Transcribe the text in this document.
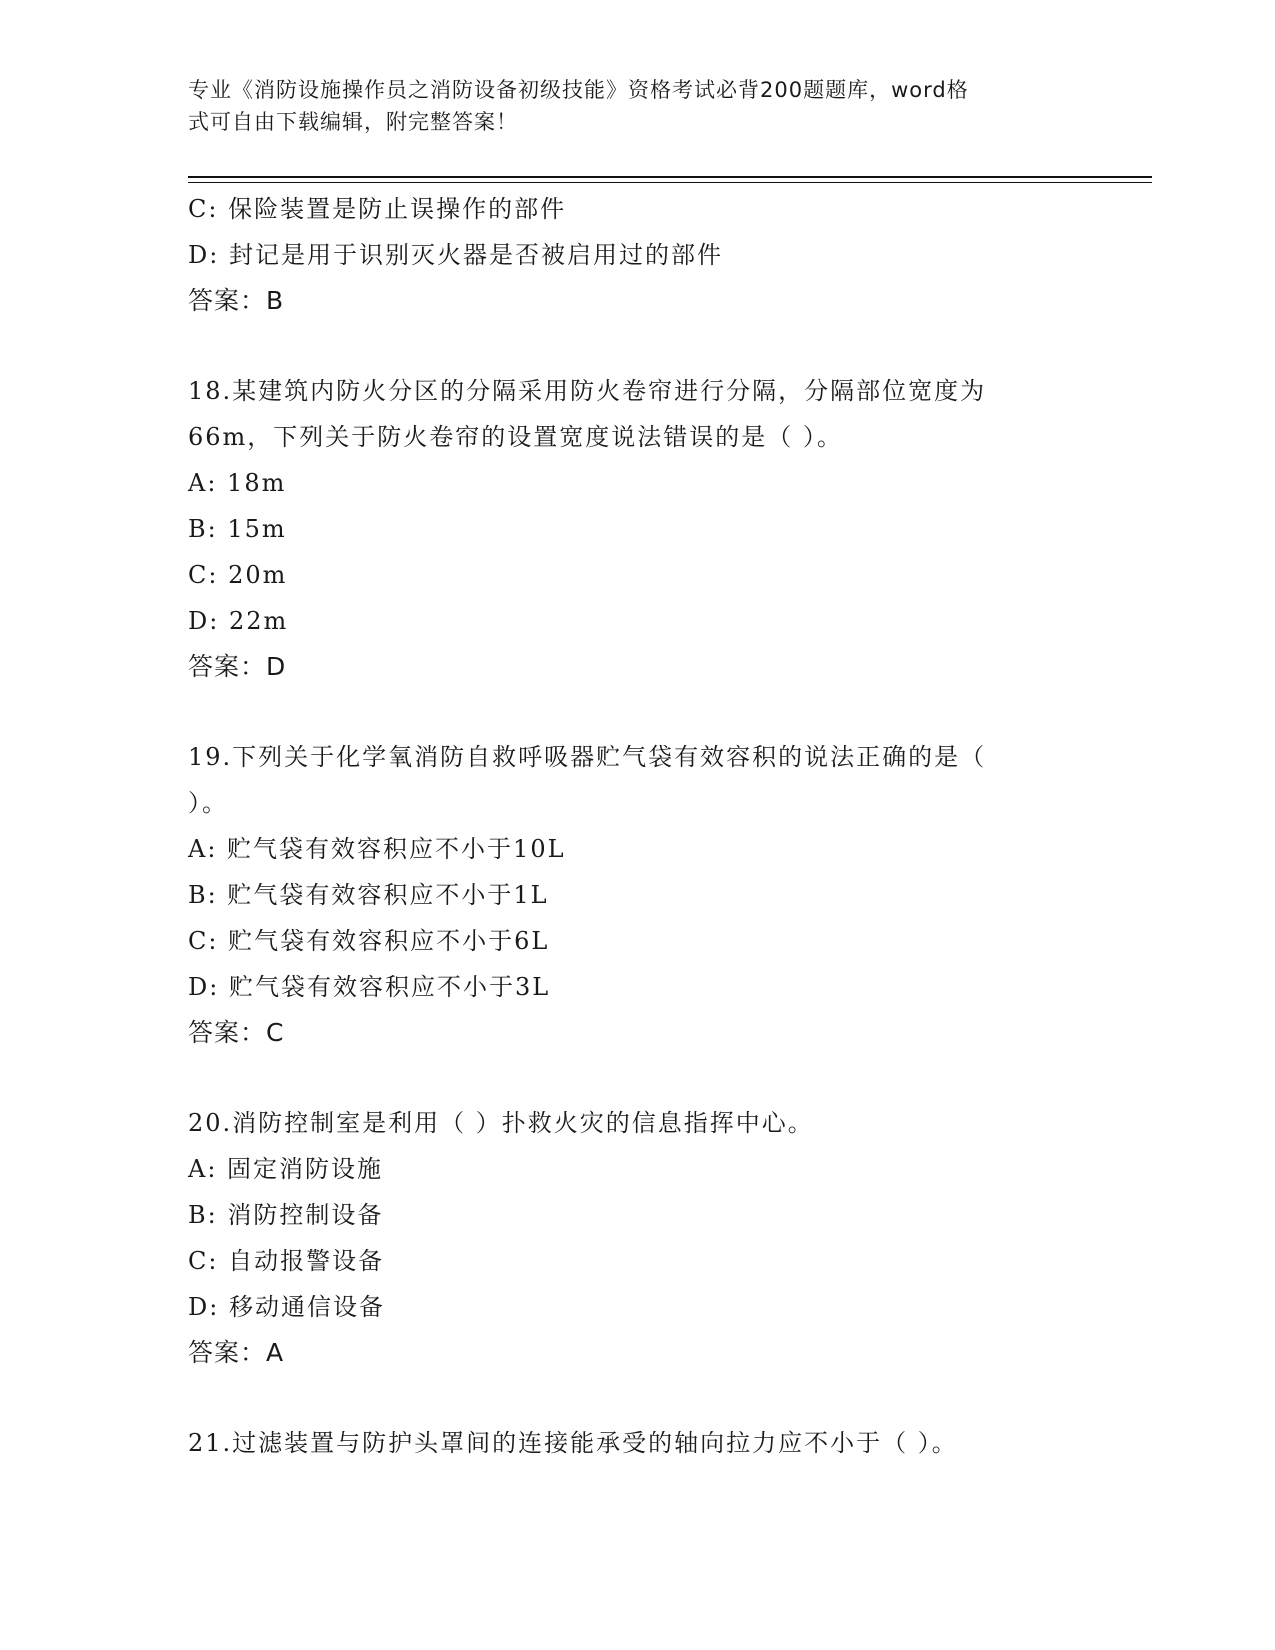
专业《消防设施操作员之消防设备初级技能》资格考试必背200题题库，word格
式可自由下载编辑，附完整答案！
C: 保险装置是防止误操作的部件
D: 封记是用于识别灭火器是否被启用过的部件
答案：B
18.某建筑内防火分区的分隔采用防火卷帘进行分隔，分隔部位宽度为
66m，下列关于防火卷帘的设置宽度说法错误的是（ ）。
A: 18m
B: 15m
C: 20m
D: 22m
答案：D
19.下列关于化学氧消防自救呼吸器贮气袋有效容积的说法正确的是（
）。
A: 贮气袋有效容积应不小于10L
B: 贮气袋有效容积应不小于1L
C: 贮气袋有效容积应不小于6L
D: 贮气袋有效容积应不小于3L
答案：C
20.消防控制室是利用（ ）扑救火灾的信息指挥中心。
A: 固定消防设施
B: 消防控制设备
C: 自动报警设备
D: 移动通信设备
答案：A
21.过滤装置与防护头罩间的连接能承受的轴向拉力应不小于（ ）。
